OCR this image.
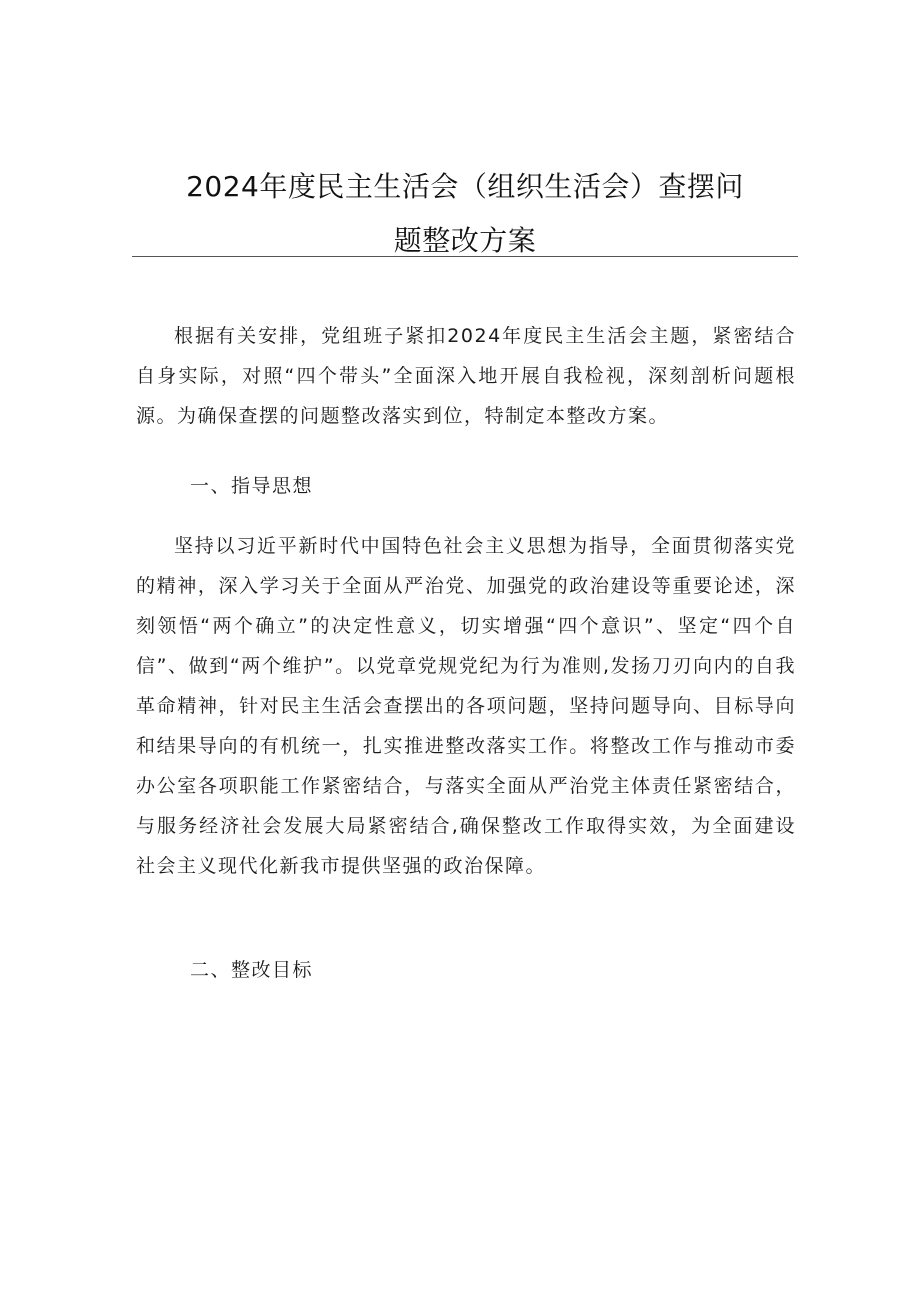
2024年度民主生活会（组织生活会）查摆问
题整改方案
根据有关安排，党组班子紧扣2024年度民主生活会主题，紧密结合自身实际，对照“四个带头”全面深入地开展自我检视，深刻剖析问题根源。为确保查摆的问题整改落实到位，特制定本整改方案。
一、指导思想
坚持以习近平新时代中国特色社会主义思想为指导，全面贯彻落实党的精神，深入学习关于全面从严治党、加强党的政治建设等重要论述，深刻领悟“两个确立”的决定性意义，切实增强“四个意识”、坚定“四个自信”、做到“两个维护”。以党章党规党纪为行为准则,发扬刀刃向内的自我革命精神，针对民主生活会查摆出的各项问题，坚持问题导向、目标导向和结果导向的有机统一，扎实推进整改落实工作。将整改工作与推动市委办公室各项职能工作紧密结合，与落实全面从严治党主体责任紧密结合，与服务经济社会发展大局紧密结合,确保整改工作取得实效，为全面建设社会主义现代化新我市提供坚强的政治保障。
二、整改目标
